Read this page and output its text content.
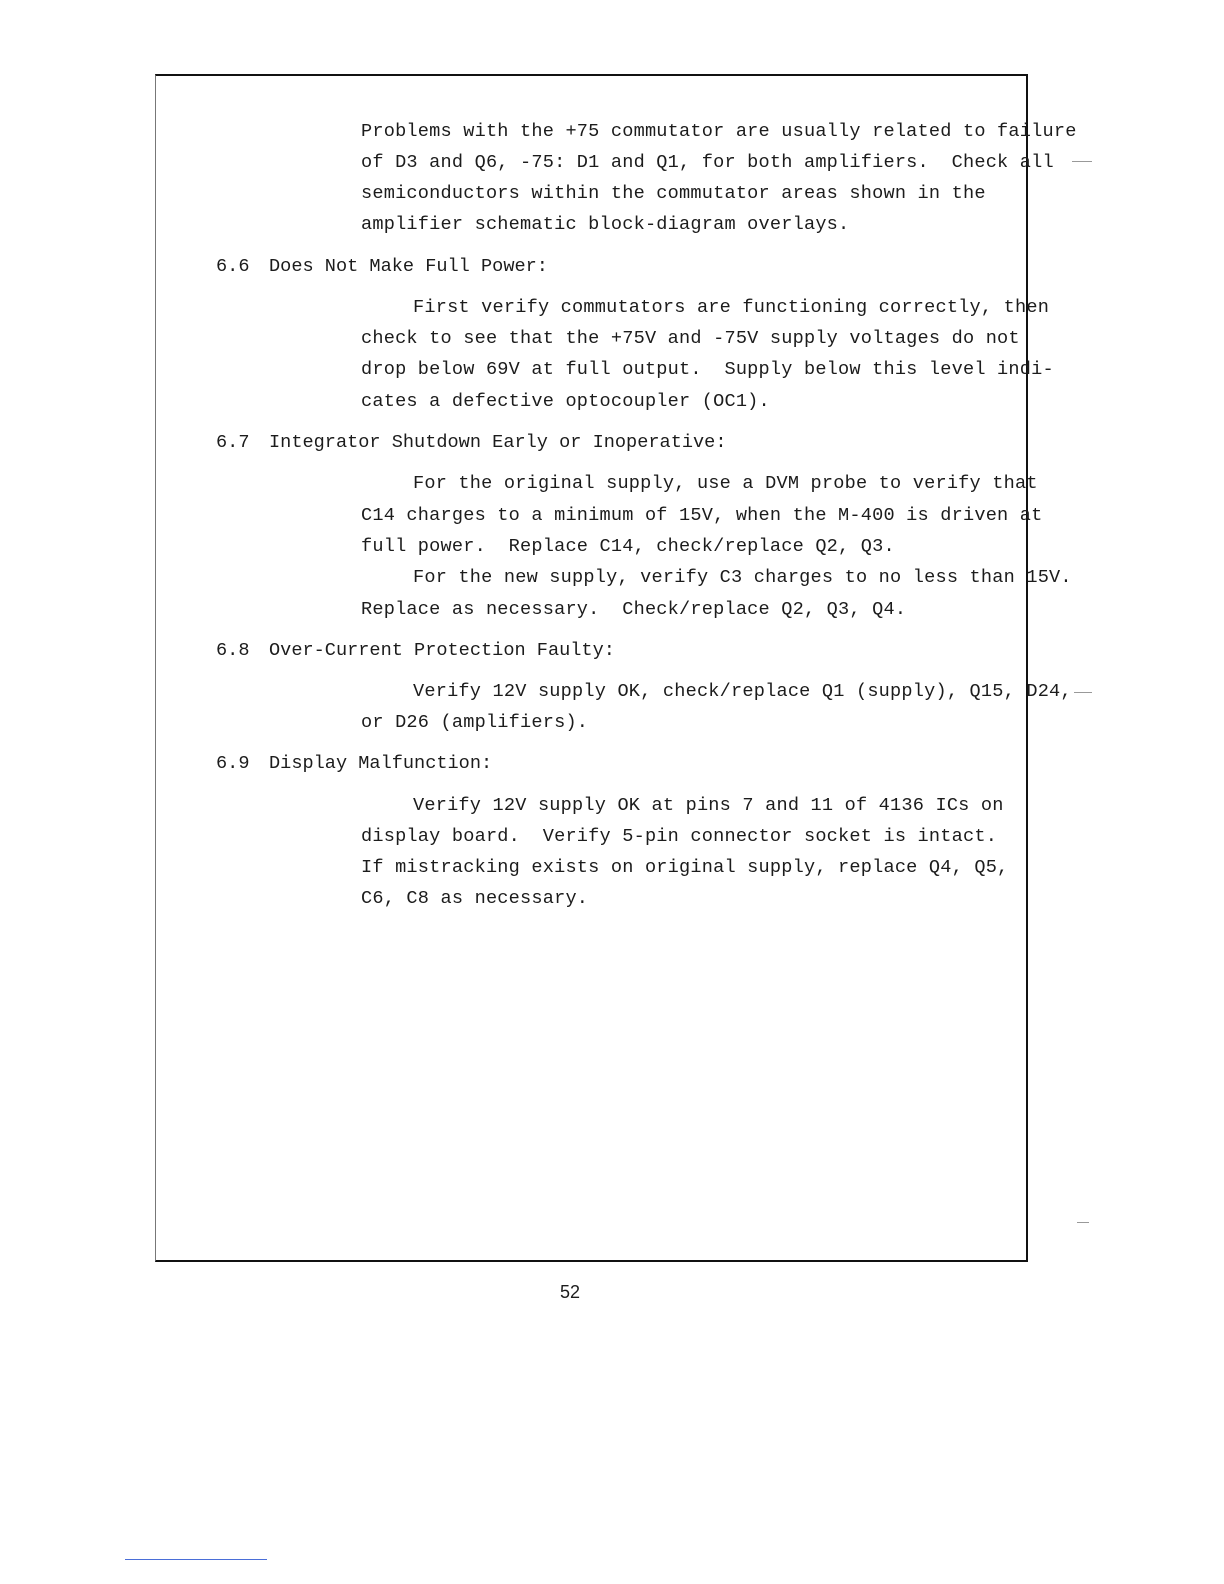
Problems with the +75 commutator are usually related to failure
of D3 and Q6, -75: D1 and Q1, for both amplifiers.  Check all
semiconductors within the commutator areas shown in the
amplifier schematic block-diagram overlays.
6.6 Does Not Make Full Power:
First verify commutators are functioning correctly, then
check to see that the +75V and -75V supply voltages do not
drop below 69V at full output.  Supply below this level indi-
cates a defective optocoupler (OC1).
6.7 Integrator Shutdown Early or Inoperative:
For the original supply, use a DVM probe to verify that
C14 charges to a minimum of 15V, when the M-400 is driven at
full power.  Replace C14, check/replace Q2, Q3.
For the new supply, verify C3 charges to no less than 15V.
Replace as necessary.  Check/replace Q2, Q3, Q4.
6.8 Over-Current Protection Faulty:
Verify 12V supply OK, check/replace Q1 (supply), Q15, D24,
or D26 (amplifiers).
6.9 Display Malfunction:
Verify 12V supply OK at pins 7 and 11 of 4136 ICs on
display board.  Verify 5-pin connector socket is intact.
If mistracking exists on original supply, replace Q4, Q5,
C6, C8 as necessary.
52
